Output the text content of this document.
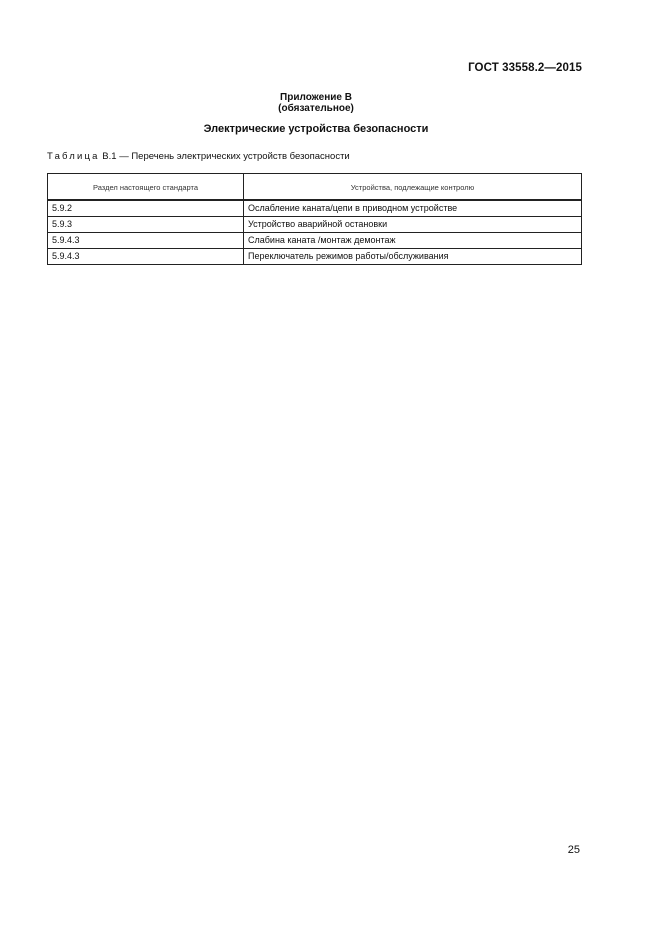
ГОСТ 33558.2—2015
Приложение В
(обязательное)
Электрические устройства безопасности
Таблица В.1 — Перечень электрических устройств безопасности
Раздел настоящего стандарта	Устройства, подлежащие контролю
5.9.2	Ослабление каната/цепи в приводном устройстве
5.9.3	Устройство аварийной остановки
5.9.4.3	Слабина каната /монтаж демонтаж
5.9.4.3	Переключатель режимов работы/обслуживания
25
